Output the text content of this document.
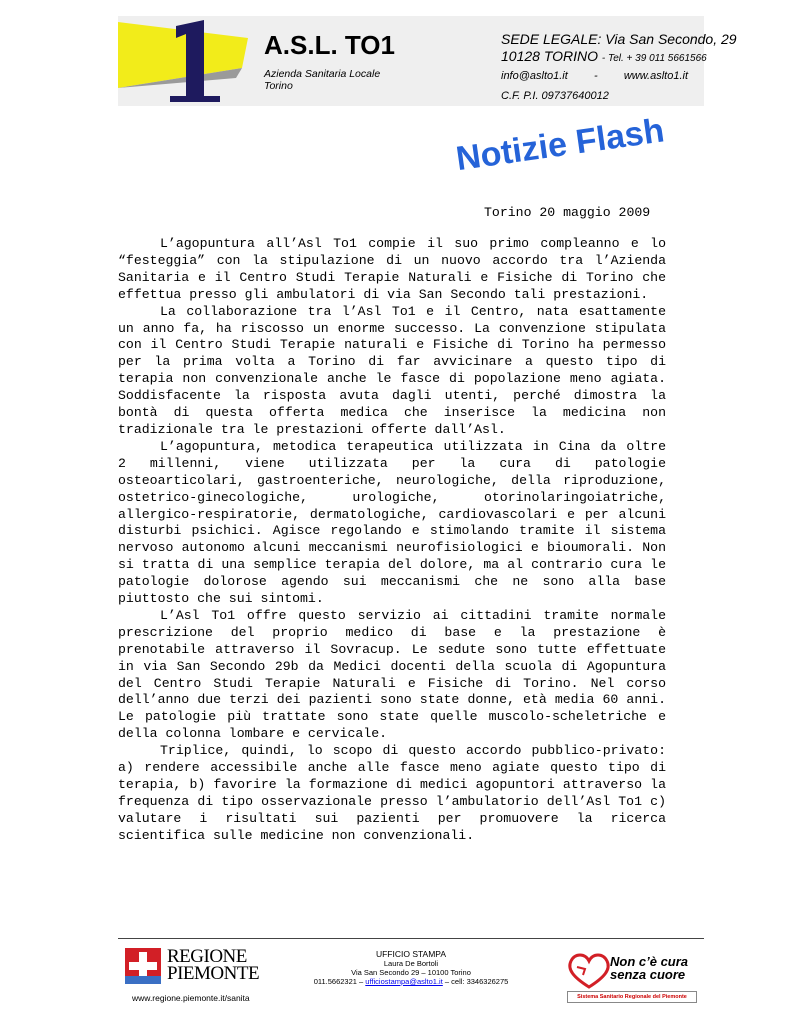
A.S.L. TO1
Azienda Sanitaria Locale
Torino
SEDE LEGALE: Via San Secondo, 29
10128 TORINO - Tel. + 39 011 5661566
info@aslto1.it - www.aslto1.it
C.F. P.I. 09737640012
Notizie Flash
Torino 20 maggio 2009

L’agopuntura all’Asl To1 compie il suo primo compleanno e lo “festeggia” con la stipulazione di un nuovo accordo tra l’Azienda Sanitaria e il Centro Studi Terapie Naturali e Fisiche di Torino che effettua presso gli ambulatori di via San Secondo tali prestazioni.

La collaborazione tra l’Asl To1 e il Centro, nata esattamente un anno fa, ha riscosso un enorme successo. La convenzione stipulata con il Centro Studi Terapie naturali e Fisiche di Torino ha permesso per la prima volta a Torino di far avvicinare a questo tipo di terapia non convenzionale anche le fasce di popolazione meno agiata. Soddisfacente la risposta avuta dagli utenti, perché dimostra la bontà di questa offerta medica che inserisce la medicina non tradizionale tra le prestazioni offerte dall’Asl.

L’agopuntura, metodica terapeutica utilizzata in Cina da oltre 2 millenni, viene utilizzata per la cura di patologie osteoarticolari, gastroenteriche, neurologiche, della riproduzione, ostetrico-ginecologiche, urologiche, otorinolaringoiatriche, allergico-respiratorie, dermatologiche, cardiovascolari e per alcuni disturbi psichici. Agisce regolando e stimolando tramite il sistema nervoso autonomo alcuni meccanismi neurofisiologici e bioumorali. Non si tratta di una semplice terapia del dolore, ma al contrario cura le patologie dolorose agendo sui meccanismi che ne sono alla base piuttosto che sui sintomi.

L’Asl To1 offre questo servizio ai cittadini tramite normale prescrizione del proprio medico di base e la prestazione è prenotabile attraverso il Sovracup. Le sedute sono tutte effettuate in via San Secondo 29b da Medici docenti della scuola di Agopuntura del Centro Studi Terapie Naturali e Fisiche di Torino. Nel corso dell’anno due terzi dei pazienti sono state donne, età media 60 anni. Le patologie più trattate sono state quelle muscolo-scheletriche e della colonna lombare e cervicale.

Triplice, quindi, lo scopo di questo accordo pubblico-privato: a) rendere accessibile anche alle fasce meno agiate questo tipo di terapia, b) favorire la formazione di medici agopuntori attraverso la frequenza di tipo osservazionale presso l’ambulatorio dell’Asl To1 c) valutare i risultati sui pazienti per promuovere la ricerca scientifica sulle medicine non convenzionali.

REGIONE
PIEMONTE
www.regione.piemonte.it/sanita
UFFICIO STAMPA
Laura De Bortoli
Via San Secondo 29 – 10100 Torino
011.5662321 – ufficiostampa@aslto1.it – cell: 3346326275
Non c’è cura
senza cuore
Sistema Sanitario Regionale del Piemonte
